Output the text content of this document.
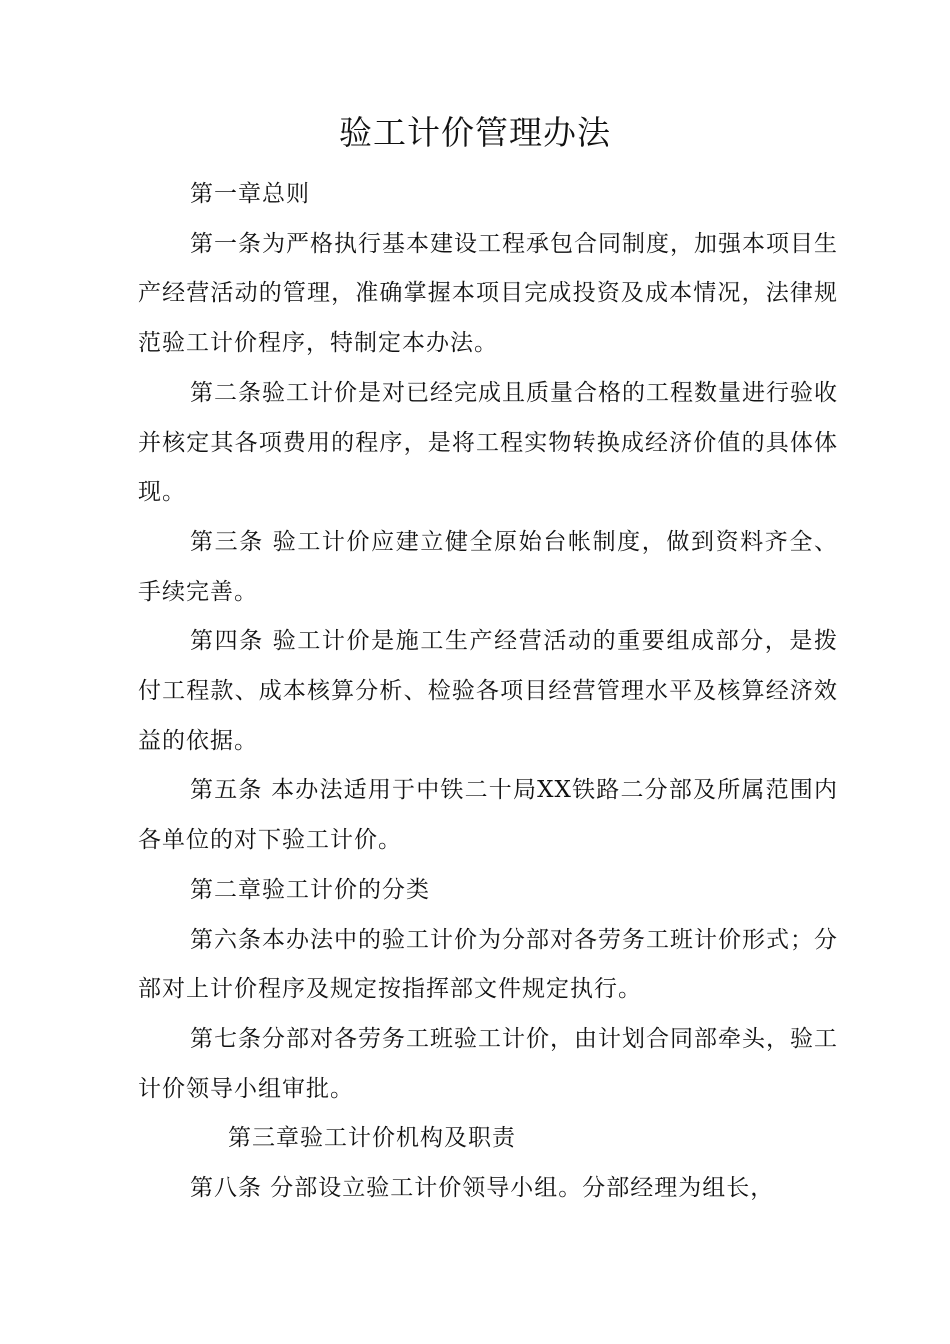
验工计价管理办法

第一章总则

第一条为严格执行基本建设工程承包合同制度，加强本项目生产经营活动的管理，准确掌握本项目完成投资及成本情况，法律规范验工计价程序，特制定本办法。

第二条验工计价是对已经完成且质量合格的工程数量进行验收并核定其各项费用的程序，是将工程实物转换成经济价值的具体体现。

第三条 验工计价应建立健全原始台帐制度，做到资料齐全、手续完善。

第四条 验工计价是施工生产经营活动的重要组成部分，是拨付工程款、成本核算分析、检验各项目经营管理水平及核算经济效益的依据。

第五条 本办法适用于中铁二十局XX铁路二分部及所属范围内各单位的对下验工计价。

第二章验工计价的分类

第六条本办法中的验工计价为分部对各劳务工班计价形式；分部对上计价程序及规定按指挥部文件规定执行。

第七条分部对各劳务工班验工计价，由计划合同部牵头，验工计价领导小组审批。

第三章验工计价机构及职责

第八条 分部设立验工计价领导小组。分部经理为组长，
